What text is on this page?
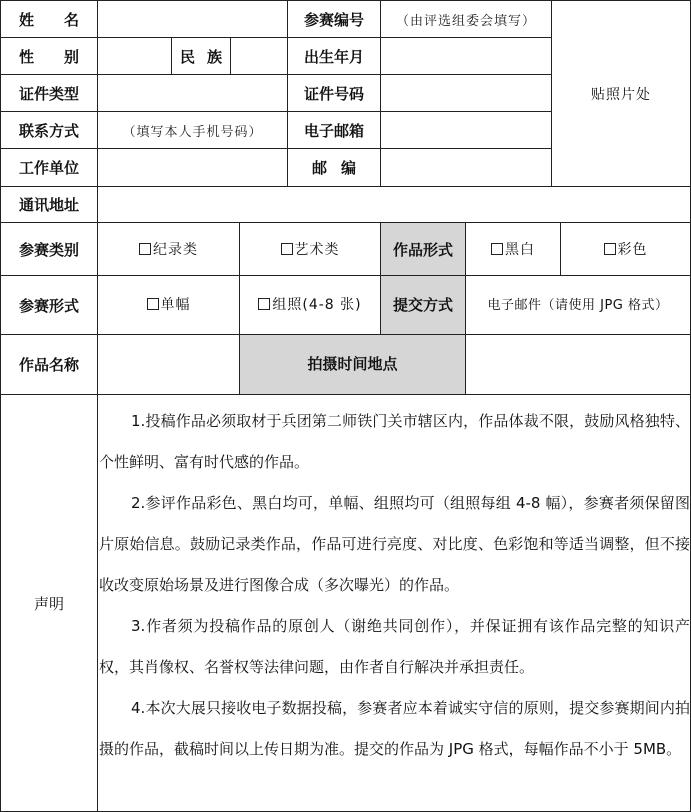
姓 名	参赛编号	（由评选组委会填写）
贴照片处
性 别	民 族	出生年月
证件类型	证件号码
联系方式	（填写本人手机号码）	电子邮箱
工作单位	邮 编
通讯地址
参赛类别	纪录类	艺术类	作品形式	黑白	彩色
参赛形式	单幅	组照(4-8 张)	提交方式	电子邮件（请使用 JPG 格式）
作品名称	拍摄时间地点
声明

1.投稿作品必须取材于兵团第二师铁门关市辖区内，作品体裁不限，鼓励风格独特、个性鲜明、富有时代感的作品。

2.参评作品彩色、黑白均可，单幅、组照均可（组照每组 4-8 幅），参赛者须保留图片原始信息。鼓励记录类作品，作品可进行亮度、对比度、色彩饱和等适当调整，但不接收改变原始场景及进行图像合成（多次曝光）的作品。

3.作者须为投稿作品的原创人（谢绝共同创作），并保证拥有该作品完整的知识产权，其肖像权、名誉权等法律问题，由作者自行解决并承担责任。

4.本次大展只接收电子数据投稿，参赛者应本着诚实守信的原则，提交参赛期间内拍摄的作品，截稿时间以上传日期为准。提交的作品为 JPG 格式，每幅作品不小于 5MB。
